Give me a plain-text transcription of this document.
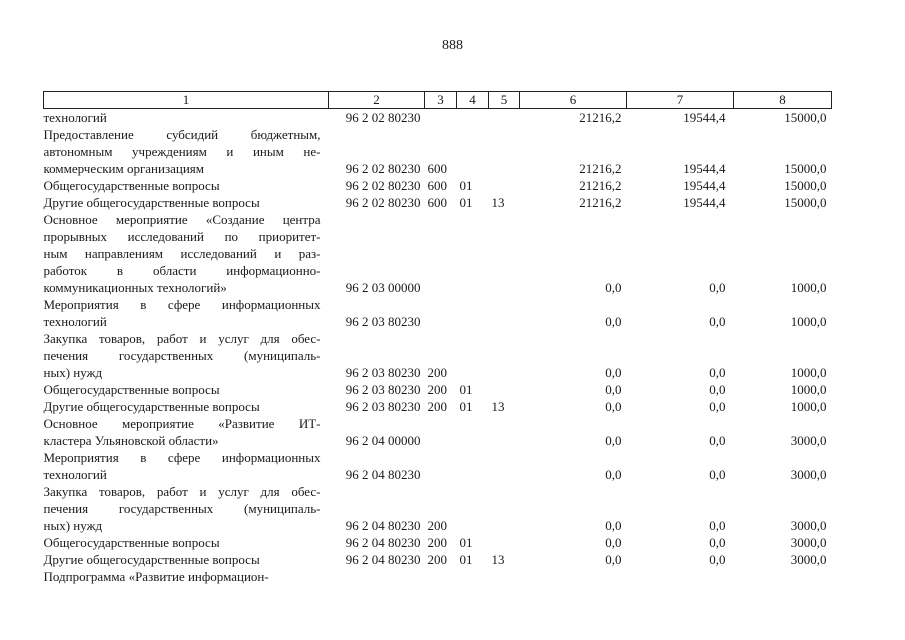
888
1	2	3	4	5	6	7	8

технологий	96 2 02 80230				21216,2	19544,4	15000,0

Предоставление субсидий бюджетным,
автономным учреждениям и иным не-
коммерческим организациям	96 2 02 80230	600			21216,2	19544,4	15000,0

Общегосударственные вопросы	96 2 02 80230	600	01		21216,2	19544,4	15000,0

Другие общегосударственные вопросы	96 2 02 80230	600	01	13	21216,2	19544,4	15000,0

Основное мероприятие «Создание центра
прорывных исследований по приоритет-
ным направлениям исследований и раз-
работок в области информационно-
коммуникационных технологий»	96 2 03 00000				0,0	0,0	1000,0

Мероприятия в сфере информационных
технологий	96 2 03 80230				0,0	0,0	1000,0

Закупка товаров, работ и услуг для обес-
печения государственных (муниципаль-
ных) нужд	96 2 03 80230	200			0,0	0,0	1000,0

Общегосударственные вопросы	96 2 03 80230	200	01		0,0	0,0	1000,0

Другие общегосударственные вопросы	96 2 03 80230	200	01	13	0,0	0,0	1000,0

Основное мероприятие «Развитие ИТ-
кластера Ульяновской области»	96 2 04 00000				0,0	0,0	3000,0

Мероприятия в сфере информационных
технологий	96 2 04 80230				0,0	0,0	3000,0

Закупка товаров, работ и услуг для обес-
печения государственных (муниципаль-
ных) нужд	96 2 04 80230	200			0,0	0,0	3000,0

Общегосударственные вопросы	96 2 04 80230	200	01		0,0	0,0	3000,0

Другие общегосударственные вопросы	96 2 04 80230	200	01	13	0,0	0,0	3000,0

Подпрограмма «Развитие информацион-							
